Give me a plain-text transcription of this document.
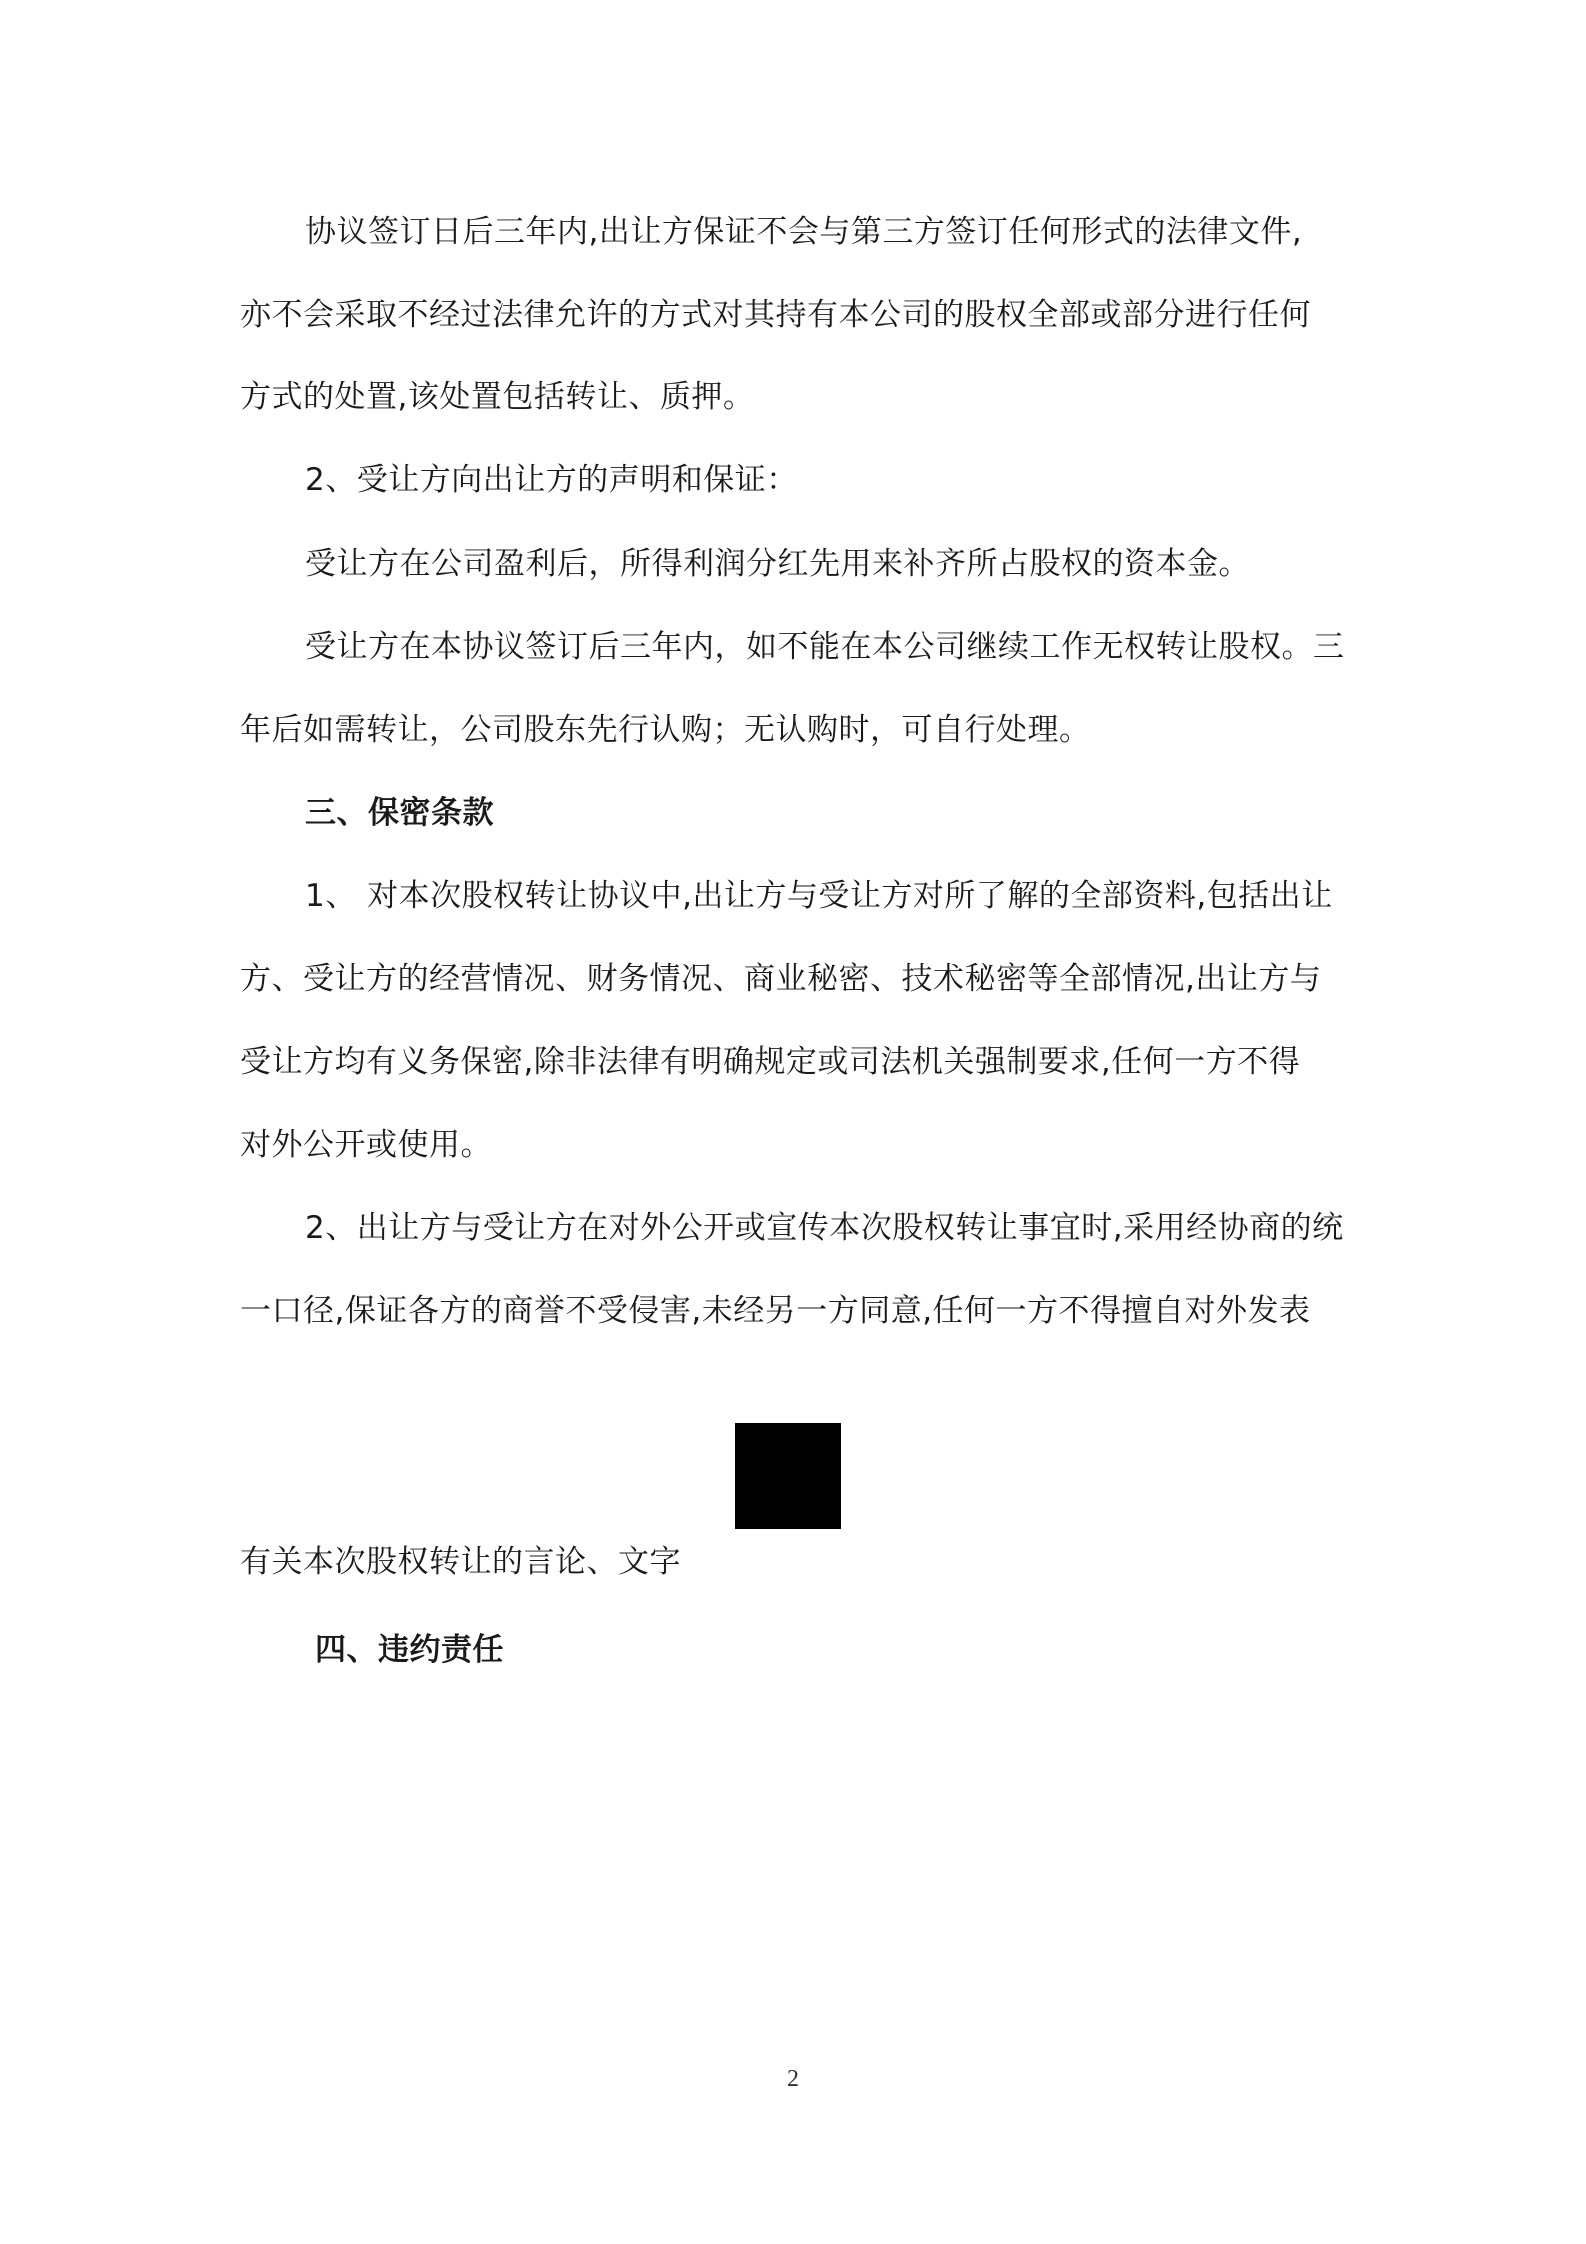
协议签订日后三年内,出让方保证不会与第三方签订任何形式的法律文件,
亦不会采取不经过法律允许的方式对其持有本公司的股权全部或部分进行任何
方式的处置,该处置包括转让、质押。
2、受让方向出让方的声明和保证：
受让方在公司盈利后，所得利润分红先用来补齐所占股权的资本金。
受让方在本协议签订后三年内，如不能在本公司继续工作无权转让股权。三
年后如需转让，公司股东先行认购；无认购时，可自行处理。
三、保密条款
1、 对本次股权转让协议中,出让方与受让方对所了解的全部资料,包括出让
方、受让方的经营情况、财务情况、商业秘密、技术秘密等全部情况,出让方与
受让方均有义务保密,除非法律有明确规定或司法机关强制要求,任何一方不得
对外公开或使用。
2、出让方与受让方在对外公开或宣传本次股权转让事宜时,采用经协商的统
一口径,保证各方的商誉不受侵害,未经另一方同意,任何一方不得擅自对外发表
有关本次股权转让的言论、文字
四、违约责任
2
